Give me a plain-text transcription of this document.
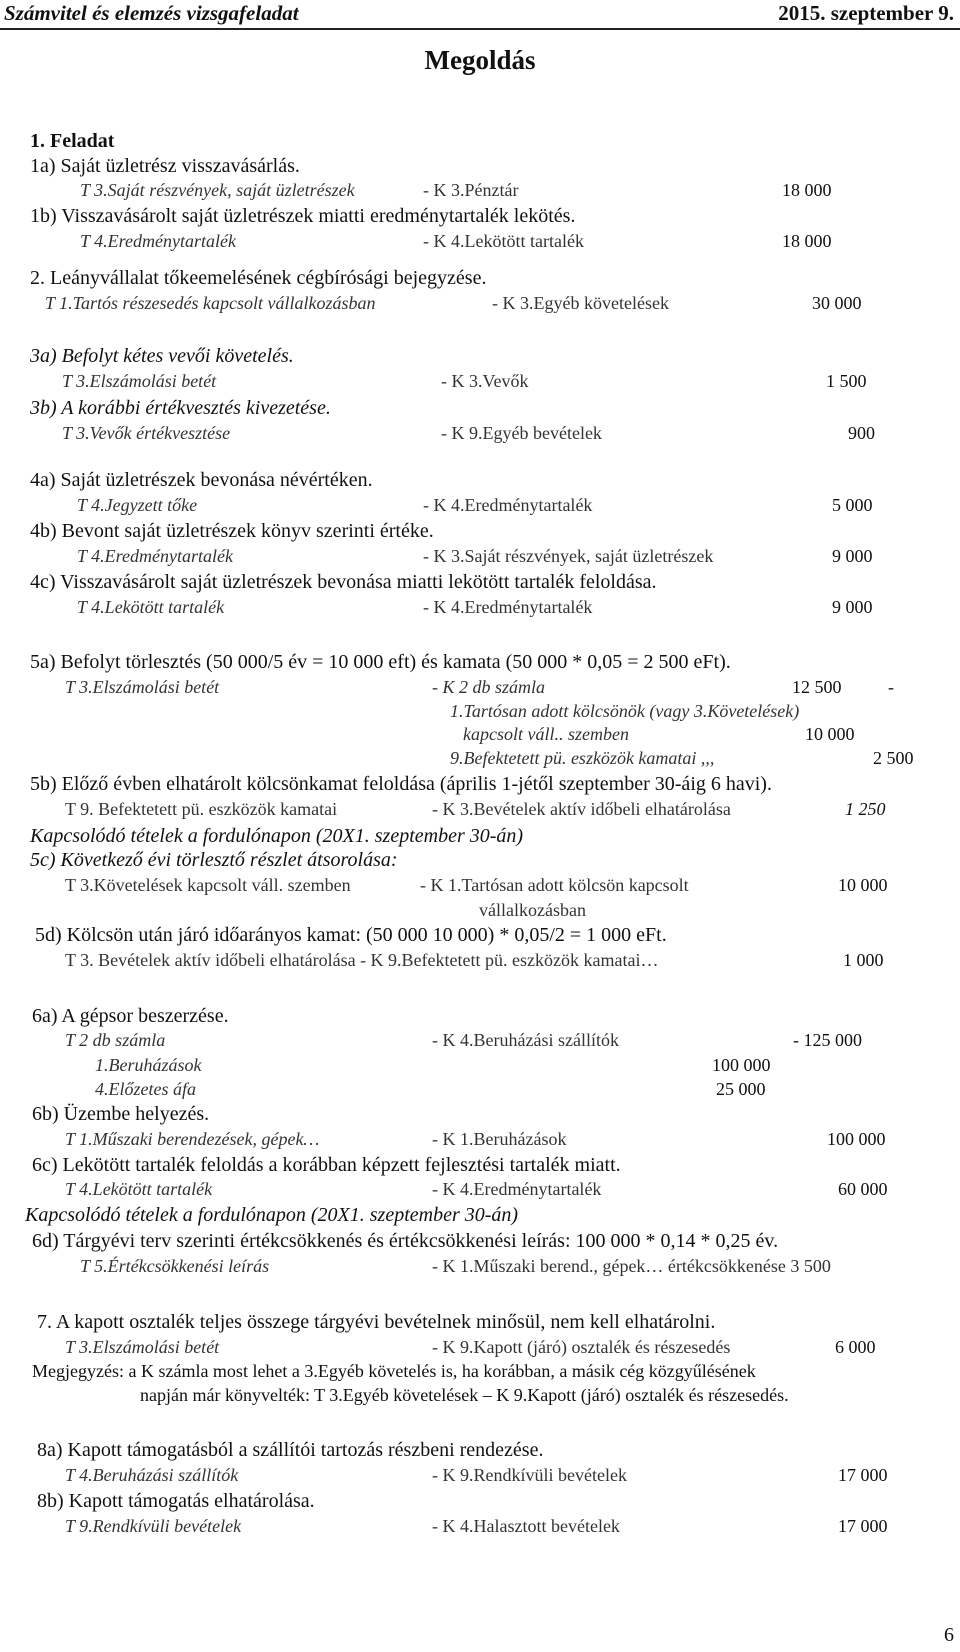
Számvitel és elemzés vizsgafeladat	2015. szeptember 9.
Megoldás
1. Feladat
1a) Saját üzletrész visszavásárlás.
T 3.Saját részvények, saját üzletrészek	- K 3.Pénztár	18 000
1b) Visszavásárolt saját üzletrészek miatti eredménytartalék lekötés.
T 4.Eredménytartalék	- K 4.Lekötött tartalék	18 000
2. Leányvállalat tőkeemelésének cégbírósági bejegyzése.
T 1.Tartós részesedés kapcsolt vállalkozásban	- K 3.Egyéb követelések	30 000
3a) Befolyt kétes vevői követelés.
T 3.Elszámolási betét	- K 3.Vevők	1 500
3b) A korábbi értékvesztés kivezetése.
T 3.Vevők értékvesztése	- K 9.Egyéb bevételek	900
4a) Saját üzletrészek bevonása névértéken.
T 4.Jegyzett tőke	- K 4.Eredménytartalék	5 000
4b) Bevont saját üzletrészek könyv szerinti értéke.
T 4.Eredménytartalék	- K 3.Saját részvények, saját üzletrészek	9 000
4c) Visszavásárolt saját üzletrészek bevonása miatti lekötött tartalék feloldása.
T 4.Lekötött tartalék	- K 4.Eredménytartalék	9 000
5a) Befolyt törlesztés (50 000/5 év = 10 000 eft) és kamata (50 000 * 0,05 = 2 500 eFt).
T 3.Elszámolási betét	- K 2 db számla	12 500	-
1.Tartósan adott kölcsönök (vagy 3.Követelések)
kapcsolt váll.. szemben	10 000
9.Befektetett pü. eszközök kamatai ,,,	2 500
5b) Előző évben elhatárolt kölcsönkamat feloldása (április 1-jétől szeptember 30-áig 6 havi).
T 9. Befektetett pü. eszközök kamatai	- K 3.Bevételek aktív időbeli elhatárolása	1 250
Kapcsolódó tételek a fordulónapon (20X1. szeptember 30-án)
5c) Következő évi törlesztő részlet átsorolása:
T 3.Követelések kapcsolt váll. szemben	- K 1.Tartósan adott kölcsön kapcsolt	10 000
vállalkozásban
5d) Kölcsön után járó időarányos kamat: (50 000 10 000) * 0,05/2 = 1 000 eFt.
T 3. Bevételek aktív időbeli elhatárolása - K 9.Befektetett pü. eszközök kamatai…	1 000
6a) A gépsor beszerzése.
T 2 db számla	- K 4.Beruházási szállítók	- 125 000
1.Beruházások	100 000
4.Előzetes áfa	25 000
6b) Üzembe helyezés.
T 1.Műszaki berendezések, gépek…	- K 1.Beruházások	100 000
6c) Lekötött tartalék feloldás a korábban képzett fejlesztési tartalék miatt.
T 4.Lekötött tartalék	- K 4.Eredménytartalék	60 000
Kapcsolódó tételek a fordulónapon (20X1. szeptember 30-án)
6d) Tárgyévi terv szerinti értékcsökkenés és értékcsökkenési leírás: 100 000 * 0,14 * 0,25 év.
T 5.Értékcsökkenési leírás	- K 1.Műszaki berend., gépek… értékcsökkenése 3 500
7. A kapott osztalék teljes összege tárgyévi bevételnek minősül, nem kell elhatárolni.
T 3.Elszámolási betét	- K 9.Kapott (járó) osztalék és részesedés	6 000
Megjegyzés: a K számla most lehet a 3.Egyéb követelés is, ha korábban, a másik cég közgyűlésének
napján már könyvelték: T 3.Egyéb követelések – K 9.Kapott (járó) osztalék és részesedés.
8a) Kapott támogatásból a szállítói tartozás részbeni rendezése.
T 4.Beruházási szállítók	- K 9.Rendkívüli bevételek	17 000
8b) Kapott támogatás elhatárolása.
T 9.Rendkívüli bevételek	- K 4.Halasztott bevételek	17 000
6
